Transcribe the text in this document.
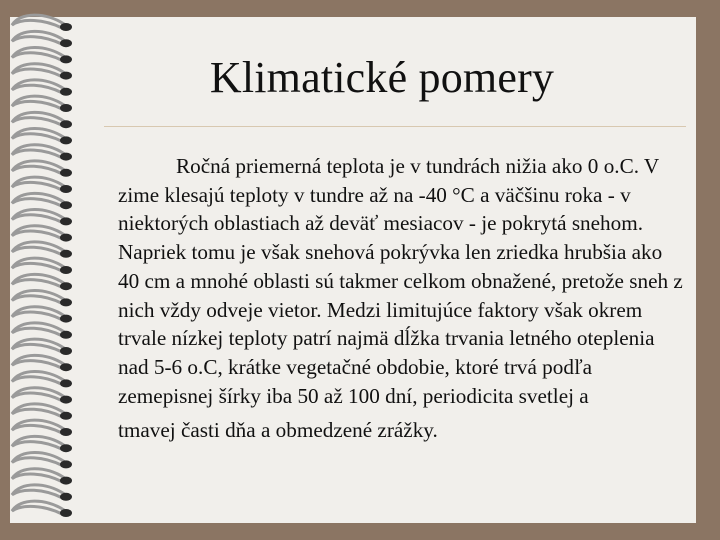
Klimatické pomery

Ročná priemerná teplota je v tundrách nižia ako 0 o.C. V zime klesajú teploty v tundre až na -40 °C a väčšinu roka - v niektorých oblastiach až deväť mesiacov - je pokrytá snehom. Napriek tomu je však snehová pokrývka len zriedka hrubšia ako 40 cm a mnohé oblasti sú takmer celkom obnažené, pretože sneh z nich vždy odveje vietor. Medzi limitujúce faktory však okrem trvale nízkej teploty patrí najmä dĺžka trvania letného oteplenia nad 5-6 o.C, krátke vegetačné obdobie, ktoré trvá podľa zemepisnej šírky iba 50 až 100 dní, periodicita svetlej a tmavej časti dňa a obmedzené zrážky.
